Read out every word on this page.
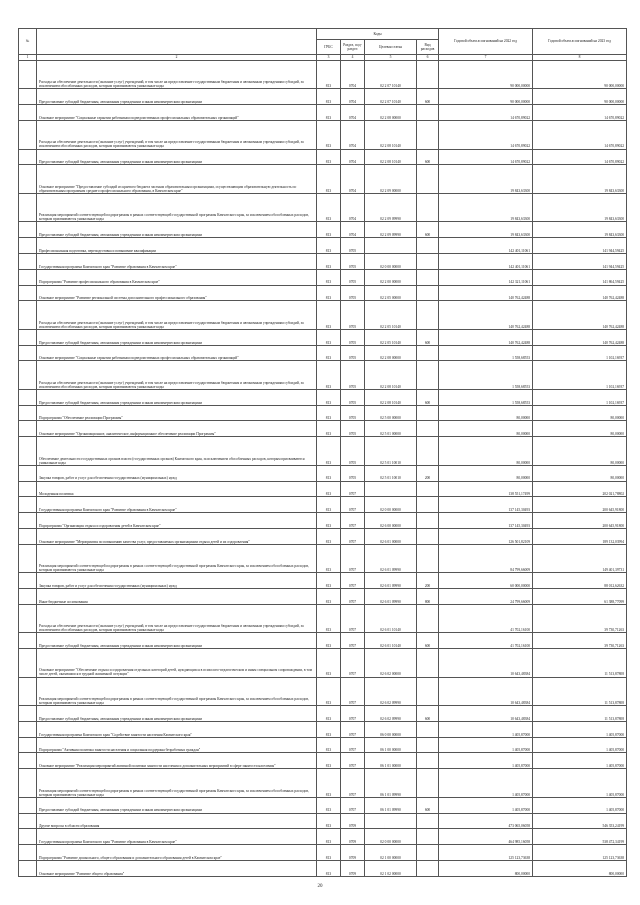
№		Коды				Годовой объем ассигнований на 2022 год	Годовой объем ассигнований на 2023 год
		ГРБС	Раздел, под-раздел	Целевая статья	Вид расходов		
1	2	3	4	5	6	7	8
	Расходы на обеспечение деятельности (оказание услуг) учреждений, в том числе на предоставление государственным бюджетным и автономным учреждениям субсидий, за исключением обособленных расходов, которым присваиваются уникальные коды	813	0704	02 2 07 10140		90 000,00000	90 000,00000
	Предоставление субсидий бюджетным, автономным учреждениям и иным некоммерческим организациям	813	0704	02 2 07 10140	600	90 000,00000	90 000,00000
	Основное мероприятие "Социальные гарантии работникам подведомственных профессиональных образовательных организаций"	813	0704	02 2 08 00000		14 670,89022	14 670,89022
	Расходы на обеспечение деятельности (оказание услуг) учреждений, в том числе на предоставление государственным бюджетным и автономным учреждениям субсидий, за исключением обособленных расходов, которым присваиваются уникальные коды	813	0704	02 2 08 10140		14 670,89022	14 670,89022
	Предоставление субсидий бюджетным, автономным учреждениям и иным некоммерческим организациям	813	0704	02 2 08 10140	600	14 670,89022	14 670,89022
	Основное мероприятие "Предоставление субсидий из краевого бюджета частным образовательным организациям, осуществляющим образовательную деятельность по образовательным программам среднего профессионального образования, в Камчатском крае"	813	0704	02 2 09 00000		19 843,63300	19 843,63300
	Реализация мероприятий соответствующей подпрограммы в рамках соответствующей государственной программы Камчатского края, за исключением обособленных расходов, которым присваиваются уникальные коды	813	0704	02 2 09 09990		19 843,63300	19 843,63300
	Предоставление субсидий бюджетным, автономным учреждениям и иным некоммерческим организациям	813	0704	02 2 09 09990	600	19 843,63300	19 843,63300
	Профессиональная подготовка, переподготовка и повышение квалификации	813	0705			142 401,11061	141 944,59425
	Государственная программа Камчатского края "Развитие образования в Камчатском крае"	813	0705	02 0 00 00000		142 401,11061	141 944,59425
	Подпрограмма "Развитие профессионального образования в Камчатском крае"	813	0705	02 2 00 00000		142 321,11061	141 864,59425
	Основное мероприятие "Развитие региональной системы дополнительного профессионального образования"	813	0705	02 2 05 00000		140 762,42488	140 762,42488
	Расходы на обеспечение деятельности (оказание услуг) учреждений, в том числе на предоставление государственным бюджетным и автономным учреждениям субсидий, за исключением обособленных расходов, которым присваиваются уникальные коды	813	0705	02 2 05 10140		140 762,42488	140 762,42488
	Предоставление субсидий бюджетным, автономным учреждениям и иным некоммерческим организациям	813	0705	02 2 05 10140	600	140 762,42488	140 762,42488
	Основное мероприятие "Социальные гарантии работникам подведомственных профессиональных образовательных организаций"	813	0705	02 2 08 00000		1 558,68553	1 102,16937
	Расходы на обеспечение деятельности (оказание услуг) учреждений, в том числе на предоставление государственным бюджетным и автономным учреждениям субсидий, за исключением обособленных расходов, которым присваиваются уникальные коды	813	0705	02 2 08 10140		1 558,68553	1 102,16937
	Предоставление субсидий бюджетным, автономным учреждениям и иным некоммерческим организациям	813	0705	02 2 08 10140	600	1 558,68553	1 102,16937
	Подпрограмма "Обеспечение реализации Программы"	813	0705	02 5 00 00000		80,00000	80,00000
	Основное мероприятие "Организационное, аналитическое, информационное обеспечение реализации Программы"	813	0705	02 5 01 00000		80,00000	80,00000
	Обеспечение деятельности государственных органов власти (государственных органов) Камчатского края, за исключением обособленных расходов, которым присваиваются уникальные коды	813	0705	02 5 01 10010		80,00000	80,00000
	Закупка товаров, работ и услуг для обеспечения государственных (муниципальных) нужд	813	0705	02 5 01 10010	200	80,00000	80,00000
	Молодежная политика	813	0707			138 551,17499	202 021,78802
	Государственная программа Камчатского края "Развитие образования в Камчатском крае"	813	0707	02 0 00 00000		137 145,30493	200 645,91800
	Подпрограмма "Организация отдыха и оздоровления детей в Камчатском крае"	813	0707	02 6 00 00000		137 145,30493	200 645,91800
	Основное мероприятие "Мероприятия по повышению качества услуг, предоставляемых организациями отдыха детей и их оздоровления"	813	0707	02 6 01 00000		126 501,82109	189 132,03994
	Реализация мероприятий соответствующей подпрограммы в рамках соответствующей государственной программы Камчатского края, за исключением обособленных расходов, которым присваиваются уникальные коды	813	0707	02 6 01 09990		84 799,66009	149 401,39731
	Закупка товаров, работ и услуг для обеспечения государственных (муниципальных) нужд	813	0707	02 6 01 09990	200	60 000,00000	88 012,62632
	Иные бюджетные ассигнования	813	0707	02 6 01 09990	800	24 799,66009	61 388,77099
	Расходы на обеспечение деятельности (оказание услуг) учреждений, в том числе на предоставление государственным бюджетным и автономным учреждениям субсидий, за исключением обособленных расходов, которым присваиваются уникальные коды	813	0707	02 6 01 10140		41 702,16100	39 730,71263
	Предоставление субсидий бюджетным, автономным учреждениям и иным некоммерческим организациям	813	0707	02 6 01 10140	600	41 702,16100	39 730,71263
	Основное мероприятие "Обеспечение отдыха и оздоровления отдельных категорий детей, нуждающихся в психолого-педагогическом и иным специальном сопровождении, в том числе детей, оказавшихся в трудной жизненной ситуации"	813	0707	02 6 02 00000		10 643,48384	11 513,87808
	Реализация мероприятий соответствующей подпрограммы в рамках соответствующей государственной программы Камчатского края, за исключением обособленных расходов, которым присваиваются уникальные коды	813	0707	02 6 02 09990		10 643,48384	11 513,87808
	Предоставление субсидий бюджетным, автономным учреждениям и иным некоммерческим организациям	813	0707	02 6 02 09990	600	10 643,48384	11 513,87808
	Государственная программа Камчатского края "Содействие занятости населения Камчатского края"	813	0707	06 0 00 00000		1 405,87000	1 405,87000
	Подпрограмма "Активная политика занятости населения и социальная поддержка безработных граждан"	813	0707	06 1 00 00000		1 405,87000	1 405,87000
	Основное мероприятие "Реализация мероприятий активной политики занятости населения и дополнительных мероприятий в сфере занятости населения"	813	0707	06 1 01 00000		1 405,87000	1 405,87000
	Реализация мероприятий соответствующей подпрограммы в рамках соответствующей государственной программы Камчатского края, за исключением обособленных расходов, которым присваиваются уникальные коды	813	0707	06 1 01 09990		1 405,87000	1 405,87000
	Предоставление субсидий бюджетным, автономным учреждениям и иным некоммерческим организациям	813	0707	06 1 01 09990	600	1 405,87000	1 405,87000
	Другие вопросы в области образования	813	0709			473 065,06058	546 353,24199
	Государственная программа Камчатского края "Развитие образования в Камчатском крае"	813	0709	02 0 00 00000		464 985,16058	538 472,34199
	Подпрограмма "Развитие дошкольного, общего образования и дополнительного образования детей в Камчатском крае"	813	0709	02 1 00 00000		125 123,73638	125 123,73638
	Основное мероприятие "Развитие общего образования"	813	0709	02 1 02 00000		800,00000	800,00000
20
